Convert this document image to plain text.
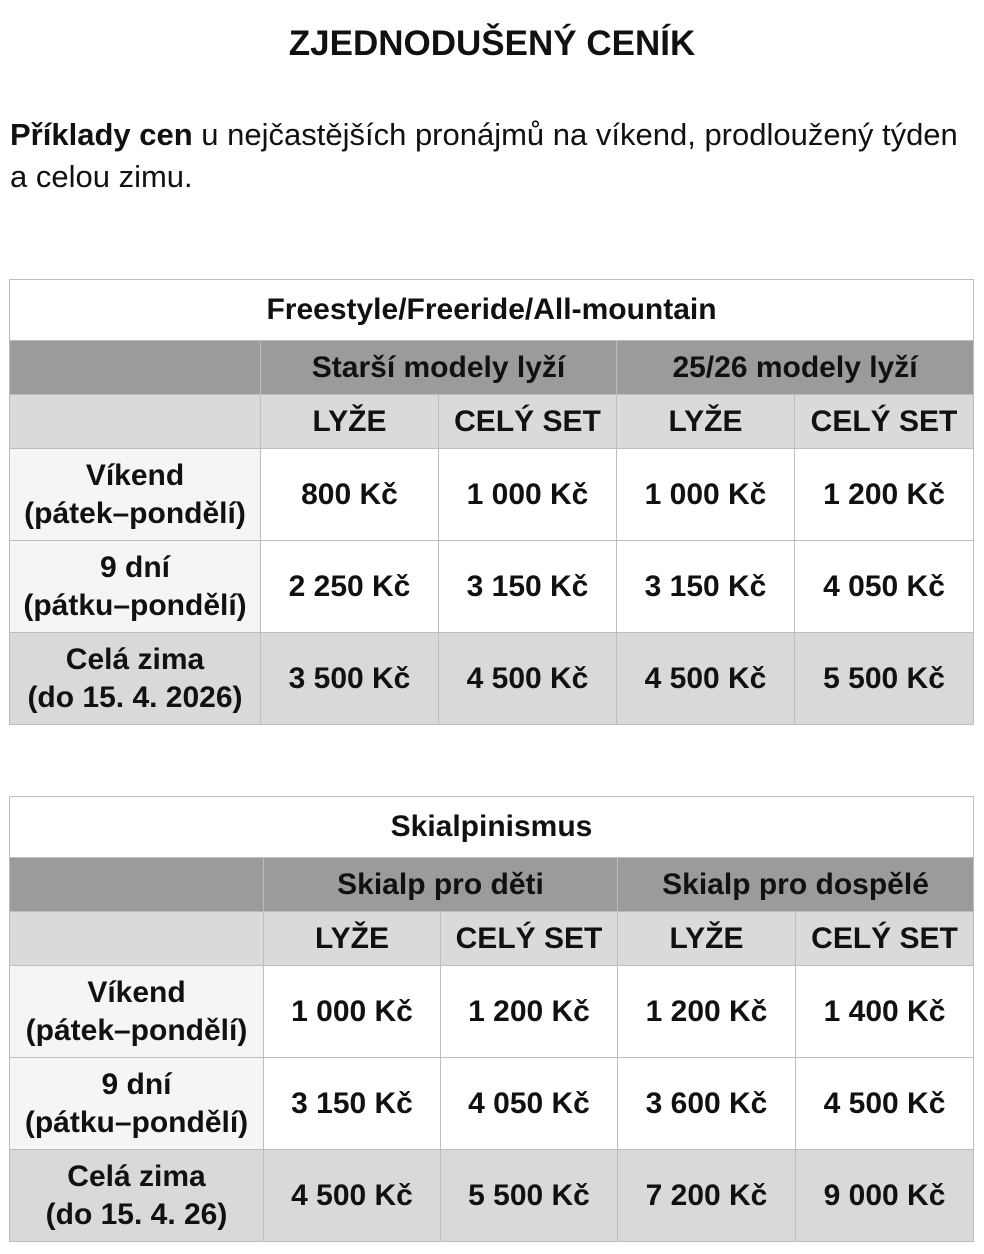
ZJEDNODUŠENÝ CENÍK
Příklady cen u nejčastějších pronájmů na víkend, prodloužený týden a celou zimu.
Freestyle/Freeride/All-mountain				
	Starší modely lyží		25/26 modely lyží	
	LYŽE	CELÝ SET	LYŽE	CELÝ SET
Víkend
(pátek–pondělí)	800 Kč	1 000 Kč	1 000 Kč	1 200 Kč
9 dní
(pátku–pondělí)	2 250 Kč	3 150 Kč	3 150 Kč	4 050 Kč
Celá zima
(do 15. 4. 2026)	3 500 Kč	4 500 Kč	4 500 Kč	5 500 Kč
Skialpinismus				
	Skialp pro děti		Skialp pro dospělé	
	LYŽE	CELÝ SET	LYŽE	CELÝ SET
Víkend
(pátek–pondělí)	1 000 Kč	1 200 Kč	1 200 Kč	1 400 Kč
9 dní
(pátku–pondělí)	3 150 Kč	4 050 Kč	3 600 Kč	4 500 Kč
Celá zima
(do 15. 4. 26)	4 500 Kč	5 500 Kč	7 200 Kč	9 000 Kč
